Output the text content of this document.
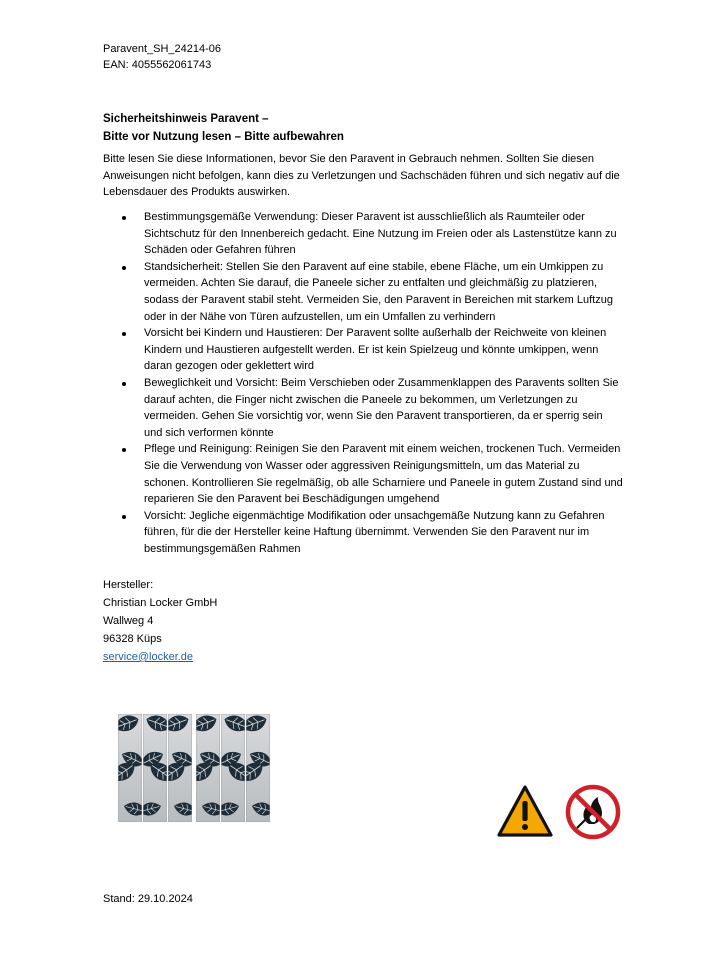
Paravent_SH_24214-06
EAN: 4055562061743
Sicherheitshinweis Paravent –
Bitte vor Nutzung lesen – Bitte aufbewahren
Bitte lesen Sie diese Informationen, bevor Sie den Paravent in Gebrauch nehmen. Sollten Sie diesen Anweisungen nicht befolgen, kann dies zu Verletzungen und Sachschäden führen und sich negativ auf die Lebensdauer des Produkts auswirken.
Bestimmungsgemäße Verwendung: Dieser Paravent ist ausschließlich als Raumteiler oder Sichtschutz für den Innenbereich gedacht. Eine Nutzung im Freien oder als Lastenstütze kann zu Schäden oder Gefahren führen
Standsicherheit: Stellen Sie den Paravent auf eine stabile, ebene Fläche, um ein Umkippen zu vermeiden. Achten Sie darauf, die Paneele sicher zu entfalten und gleichmäßig zu platzieren, sodass der Paravent stabil steht. Vermeiden Sie, den Paravent in Bereichen mit starkem Luftzug oder in der Nähe von Türen aufzustellen, um ein Umfallen zu verhindern
Vorsicht bei Kindern und Haustieren: Der Paravent sollte außerhalb der Reichweite von kleinen Kindern und Haustieren aufgestellt werden. Er ist kein Spielzeug und könnte umkippen, wenn daran gezogen oder geklettert wird
Beweglichkeit und Vorsicht: Beim Verschieben oder Zusammenklappen des Paravents sollten Sie darauf achten, die Finger nicht zwischen die Paneele zu bekommen, um Verletzungen zu vermeiden. Gehen Sie vorsichtig vor, wenn Sie den Paravent transportieren, da er sperrig sein und sich verformen könnte
Pflege und Reinigung: Reinigen Sie den Paravent mit einem weichen, trockenen Tuch. Vermeiden Sie die Verwendung von Wasser oder aggressiven Reinigungsmitteln, um das Material zu schonen. Kontrollieren Sie regelmäßig, ob alle Scharniere und Paneele in gutem Zustand sind und reparieren Sie den Paravent bei Beschädigungen umgehend
Vorsicht: Jegliche eigenmächtige Modifikation oder unsachgemäße Nutzung kann zu Gefahren führen, für die der Hersteller keine Haftung übernimmt. Verwenden Sie den Paravent nur im bestimmungsgemäßen Rahmen
Hersteller:
Christian Locker GmbH
Wallweg 4
96328 Küps
service@locker.de
Stand: 29.10.2024
